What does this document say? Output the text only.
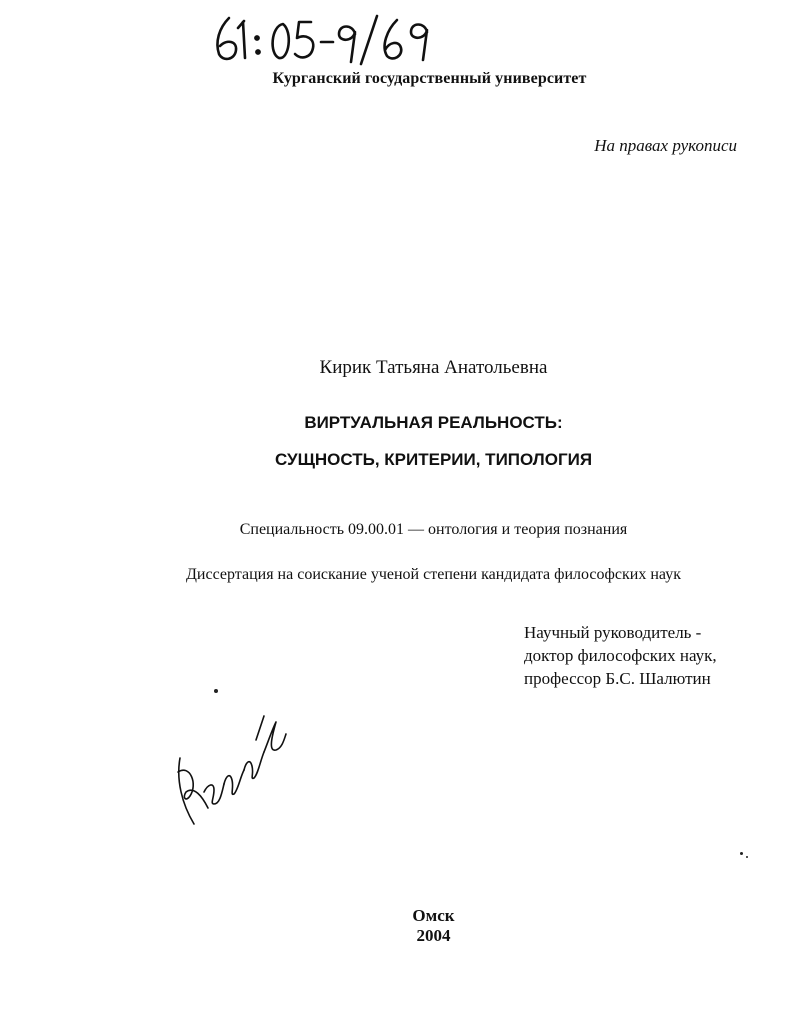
Курганский государственный университет
На правах рукописи
Кирик Татьяна Анатольевна
ВИРТУАЛЬНАЯ РЕАЛЬНОСТЬ:
СУЩНОСТЬ, КРИТЕРИИ, ТИПОЛОГИЯ
Специальность 09.00.01 — онтология и теория познания
Диссертация на соискание ученой степени кандидата философских наук
Научный руководитель -
доктор философских наук,
профессор Б.С. Шалютин
Омск
2004
